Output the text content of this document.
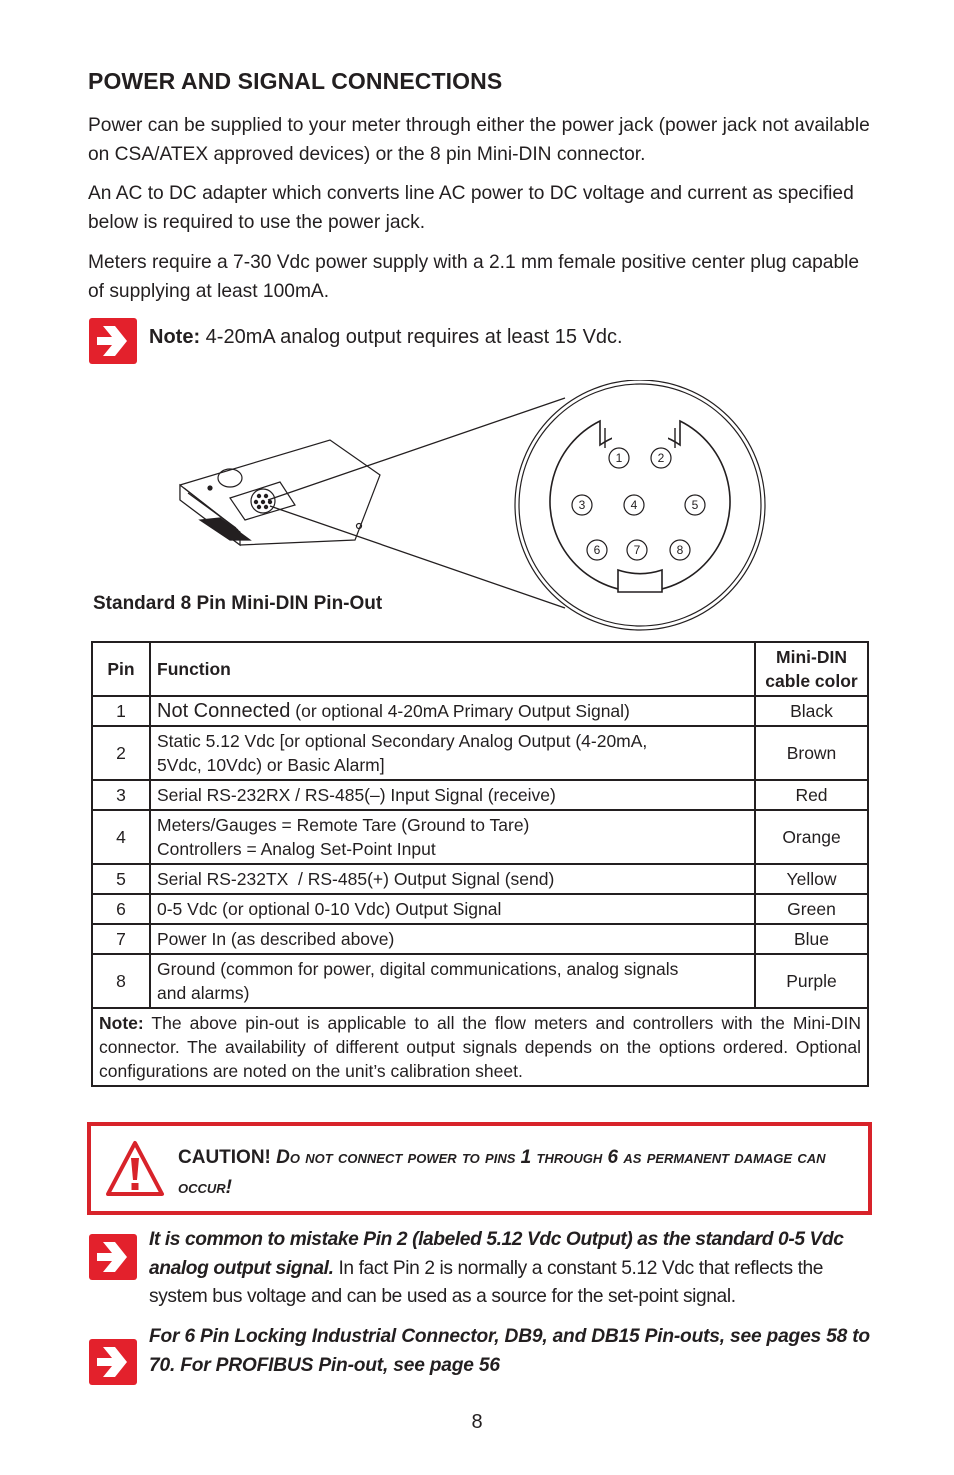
POWER AND SIGNAL CONNECTIONS

Power can be supplied to your meter through either the power jack (power jack not available on CSA/ATEX approved devices) or the 8 pin Mini-DIN connector.

An AC to DC adapter which converts line AC power to DC voltage and current as specified below is required to use the power jack.

Meters require a 7-30 Vdc power supply with a 2.1 mm female positive center plug capable of supplying at least 100mA.

Note: 4-20mA analog output requires at least 15 Vdc.
1	2
3	4	5
6	7	8
Standard 8 Pin Mini-DIN Pin-Out
Pin	Function	Mini-DIN
cable color
1	Not Connected (or optional 4-20mA Primary Output Signal)	Black
2	Static 5.12 Vdc [or optional Secondary Analog Output (4-20mA,
5Vdc, 10Vdc) or Basic Alarm]	Brown
3	Serial RS-232RX / RS-485(–) Input Signal (receive)	Red
4	Meters/Gauges = Remote Tare (Ground to Tare)
Controllers = Analog Set-Point Input	Orange
5	Serial RS-232TX  / RS-485(+) Output Signal (send)	Yellow
6	0-5 Vdc (or optional 0-10 Vdc) Output Signal	Green
7	Power In (as described above)	Blue
8	Ground (common for power, digital communications, analog signals
and alarms)	Purple
Note: The above pin-out is applicable to all the flow meters and controllers with the Mini-DIN connector. The availability of different output signals depends on the options ordered. Optional configurations are noted on the unit’s calibration sheet.		
CAUTION! Do not connect power to pins 1 through 6 as permanent damage can occur!
It is common to mistake Pin 2 (labeled 5.12 Vdc Output) as the standard 0-5 Vdc analog output signal. In fact Pin 2 is normally a constant 5.12 Vdc that reflects the system bus voltage and can be used as a source for the set-point signal.
For 6 Pin Locking Industrial Connector, DB9, and DB15 Pin-outs, see pages 58 to 70. For PROFIBUS Pin-out, see page 56
8
